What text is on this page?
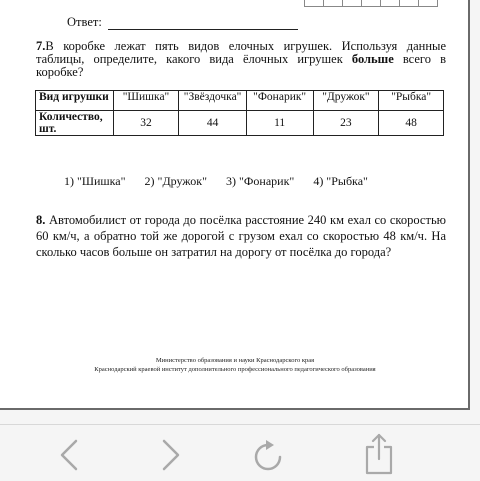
Ответ:
7.В коробке лежат пять видов елочных игрушек. Используя данные таблицы, определите, какого вида ёлочных игрушек больше всего в коробке?
Вид игрушки	"Шишка"	"Звёздочка"	"Фонарик"	"Дружок"	"Рыбка"
Количество, шт.	32	44	11	23	48
1) "Шишка" 2) "Дружок" 3) "Фонарик" 4) "Рыбка"
8. Автомобилист от города до посёлка расстояние 240 км ехал со скоростью 60 км/ч, а обратно той же дорогой с грузом ехал со скоростью 48 км/ч. На сколько часов больше он затратил на дорогу от посёлка до города?
Министерство образования и науки Краснодарского края
Краснодарский краевой институт дополнительного профессионального педагогического образования
